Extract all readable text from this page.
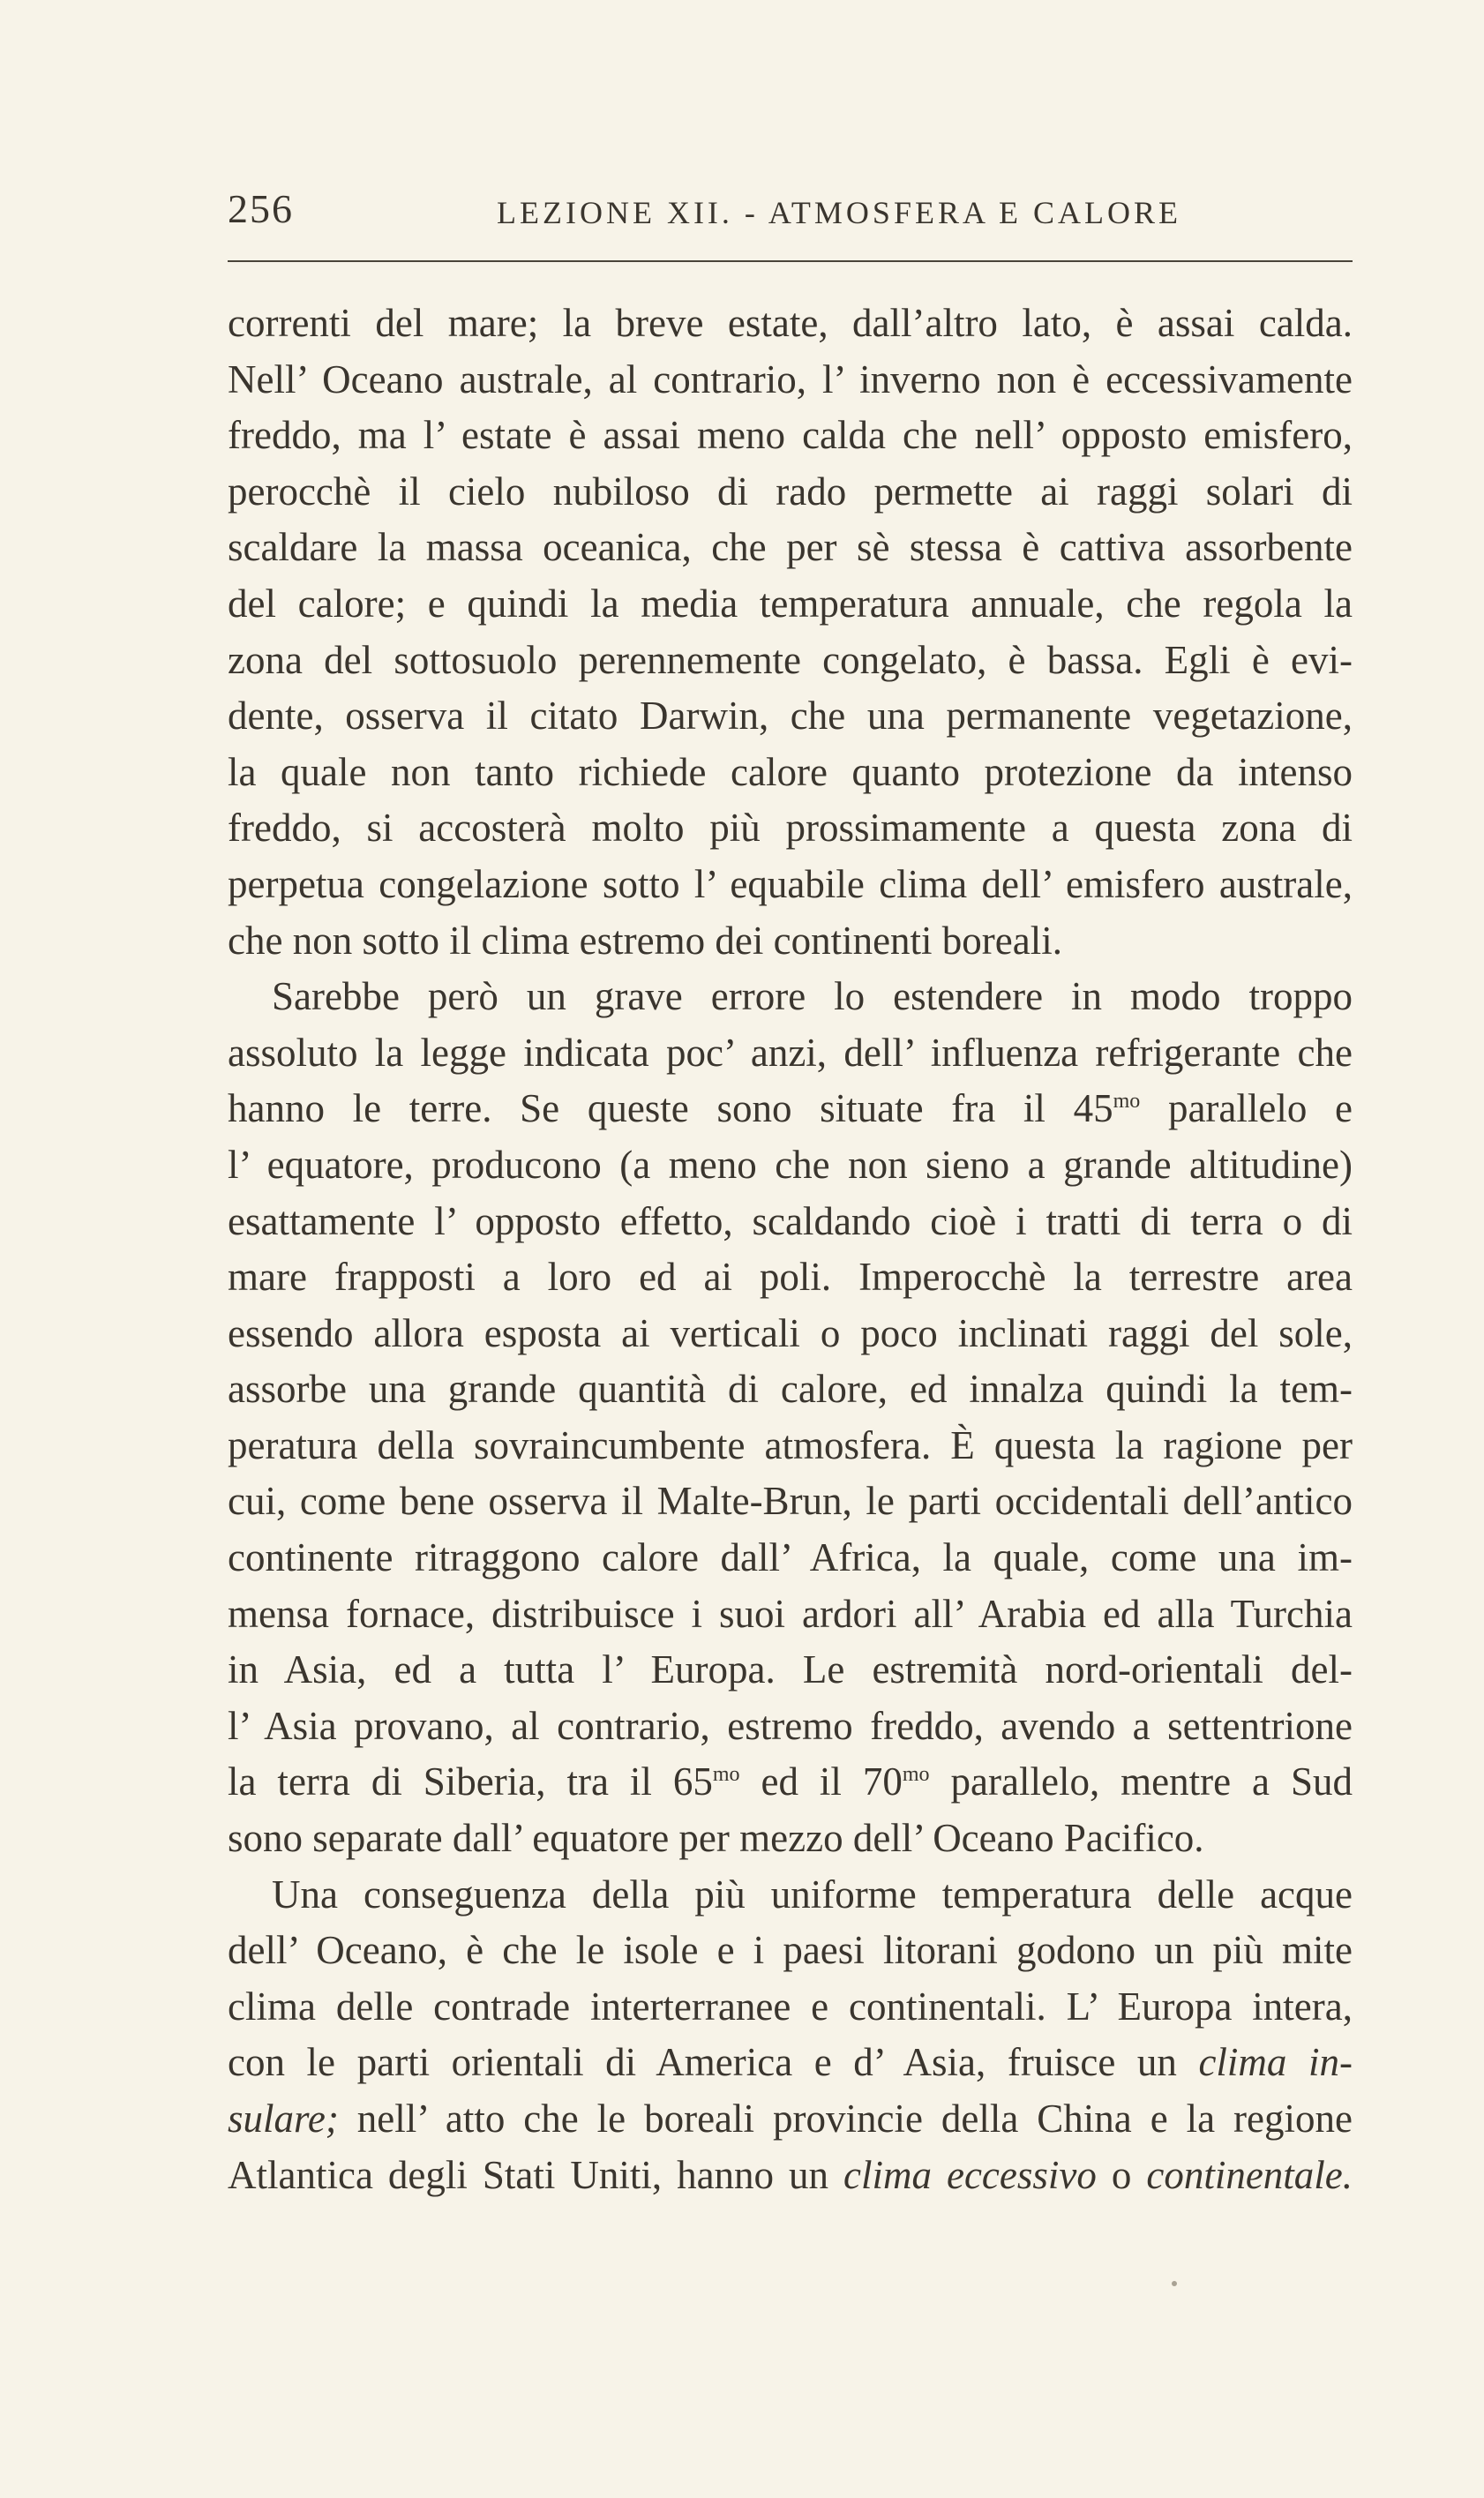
256	LEZIONE XII. - ATMOSFERA E CALORE
correnti del mare; la breve estate, dall’altro lato, è assai calda.
Nell’ Oceano australe, al contrario, l’ inverno non è eccessivamente
freddo, ma l’ estate è assai meno calda che nell’ opposto emisfero,
perocchè il cielo nubiloso di rado permette ai raggi solari di
scaldare la massa oceanica, che per sè stessa è cattiva assorbente
del calore; e quindi la media temperatura annuale, che regola la
zona del sottosuolo perennemente congelato, è bassa. Egli è evi-
dente, osserva il citato Darwin, che una permanente vegetazione,
la quale non tanto richiede calore quanto protezione da intenso
freddo, si accosterà molto più prossimamente a questa zona di
perpetua congelazione sotto l’ equabile clima dell’ emisfero australe,
che non sotto il clima estremo dei continenti boreali.
Sarebbe però un grave errore lo estendere in modo troppo
assoluto la legge indicata poc’ anzi, dell’ influenza refrigerante che
hanno le terre. Se queste sono situate fra il $45^{mo}$ parallelo e
l’ equatore, producono (a meno che non sieno a grande altitudine)
esattamente l’ opposto effetto, scaldando cioè i tratti di terra o di
mare frapposti a loro ed ai poli. Imperocchè la terrestre area
essendo allora esposta ai verticali o poco inclinati raggi del sole,
assorbe una grande quantità di calore, ed innalza quindi la tem-
peratura della sovraincumbente atmosfera. È questa la ragione per
cui, come bene osserva il Malte-Brun, le parti occidentali dell’antico
continente ritraggono calore dall’ Africa, la quale, come una im-
mensa fornace, distribuisce i suoi ardori all’ Arabia ed alla Turchia
in Asia, ed a tutta l’ Europa. Le estremità nord-orientali del-
l’ Asia provano, al contrario, estremo freddo, avendo a settentrione
la terra di Siberia, tra il $65^{mo}$ ed il $70^{mo}$ parallelo, mentre a Sud
sono separate dall’ equatore per mezzo dell’ Oceano Pacifico.
Una conseguenza della più uniforme temperatura delle acque
dell’ Oceano, è che le isole e i paesi litorani godono un più mite
clima delle contrade interterranee e continentali. L’ Europa intera,
con le parti orientali di America e d’ Asia, fruisce un clima in-
sulare; nell’ atto che le boreali provincie della China e la regione
Atlantica degli Stati Uniti, hanno un clima eccessivo o continentale.
